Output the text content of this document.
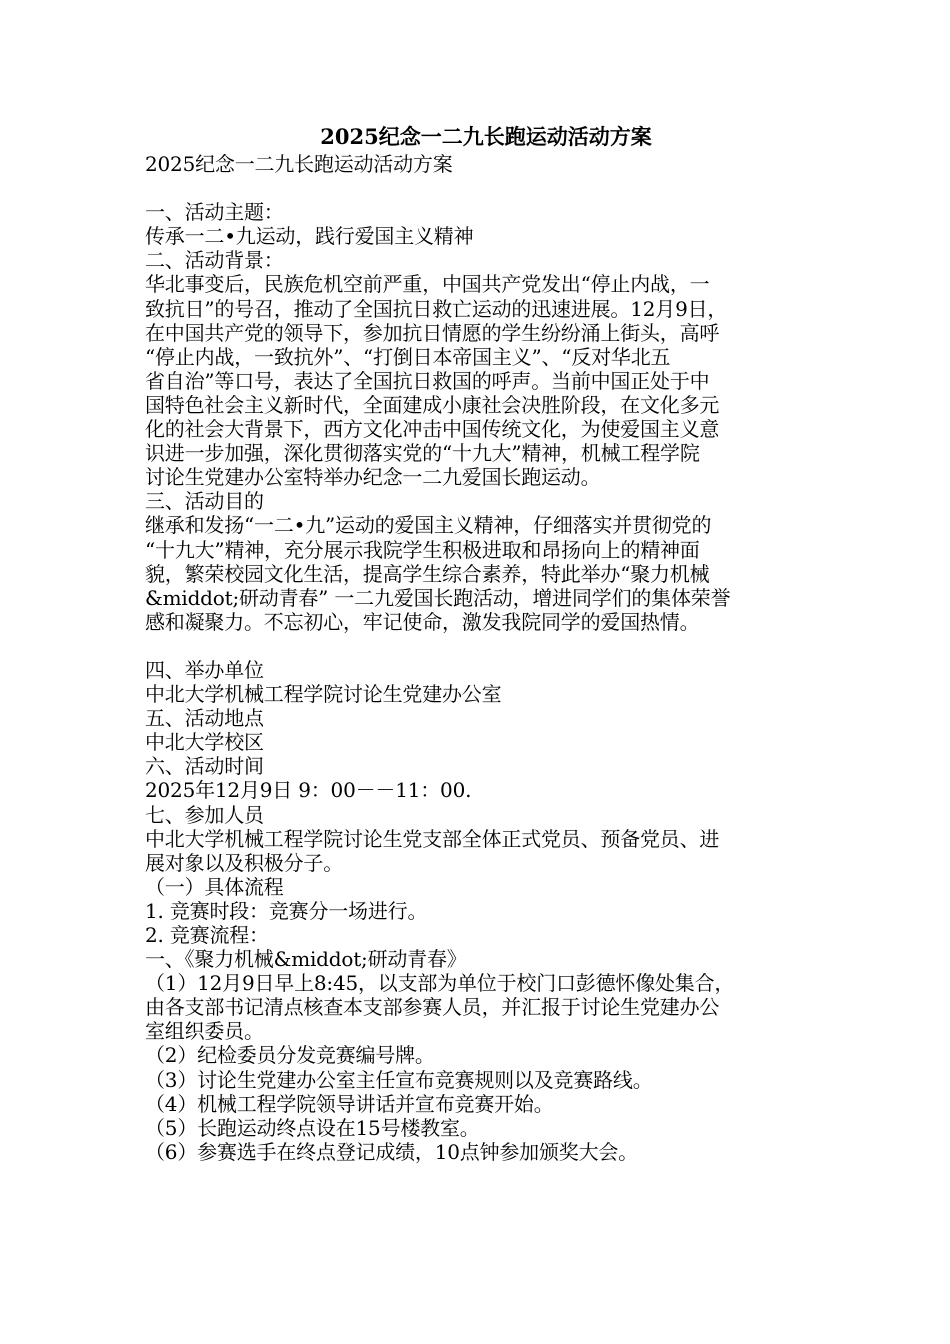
2025纪念一二九长跑运动活动方案
2025纪念一二九长跑运动活动方案
一、活动主题：
传承一二•九运动，践行爱国主义精神
二、活动背景：
华北事变后，民族危机空前严重，中国共产党发出“停止内战，一
致抗日”的号召，推动了全国抗日救亡运动的迅速进展。12月9日，
在中国共产党的领导下，参加抗日情愿的学生纷纷涌上街头，高呼
“停止内战，一致抗外”、“打倒日本帝国主义”、“反对华北五
省自治”等口号，表达了全国抗日救国的呼声。当前中国正处于中
国特色社会主义新时代，全面建成小康社会决胜阶段，在文化多元
化的社会大背景下，西方文化冲击中国传统文化，为使爱国主义意
识进一步加强，深化贯彻落实党的“十九大”精神，机械工程学院
讨论生党建办公室特举办纪念一二九爱国长跑运动。
三、活动目的
继承和发扬“一二•九”运动的爱国主义精神，仔细落实并贯彻党的
“十九大”精神，充分展示我院学生积极进取和昂扬向上的精神面
貌，繁荣校园文化生活，提高学生综合素养，特此举办“聚力机械
&middot;研动青春” 一二九爱国长跑活动，增进同学们的集体荣誉
感和凝聚力。不忘初心，牢记使命，激发我院同学的爱国热情。
四、举办单位
中北大学机械工程学院讨论生党建办公室
五、活动地点
中北大学校区
六、活动时间
2025年12月9日 9：00－－11：00.
七、参加人员
中北大学机械工程学院讨论生党支部全体正式党员、预备党员、进
展对象以及积极分子。
（一）具体流程
1. 竞赛时段：竞赛分一场进行。
2. 竞赛流程：
一、《聚力机械&middot;研动青春》
（1）12月9日早上8:45，以支部为单位于校门口彭德怀像处集合，
由各支部书记清点核查本支部参赛人员，并汇报于讨论生党建办公
室组织委员。
（2）纪检委员分发竞赛编号牌。
（3）讨论生党建办公室主任宣布竞赛规则以及竞赛路线。
（4）机械工程学院领导讲话并宣布竞赛开始。
（5）长跑运动终点设在15号楼教室。
（6）参赛选手在终点登记成绩，10点钟参加颁奖大会。
